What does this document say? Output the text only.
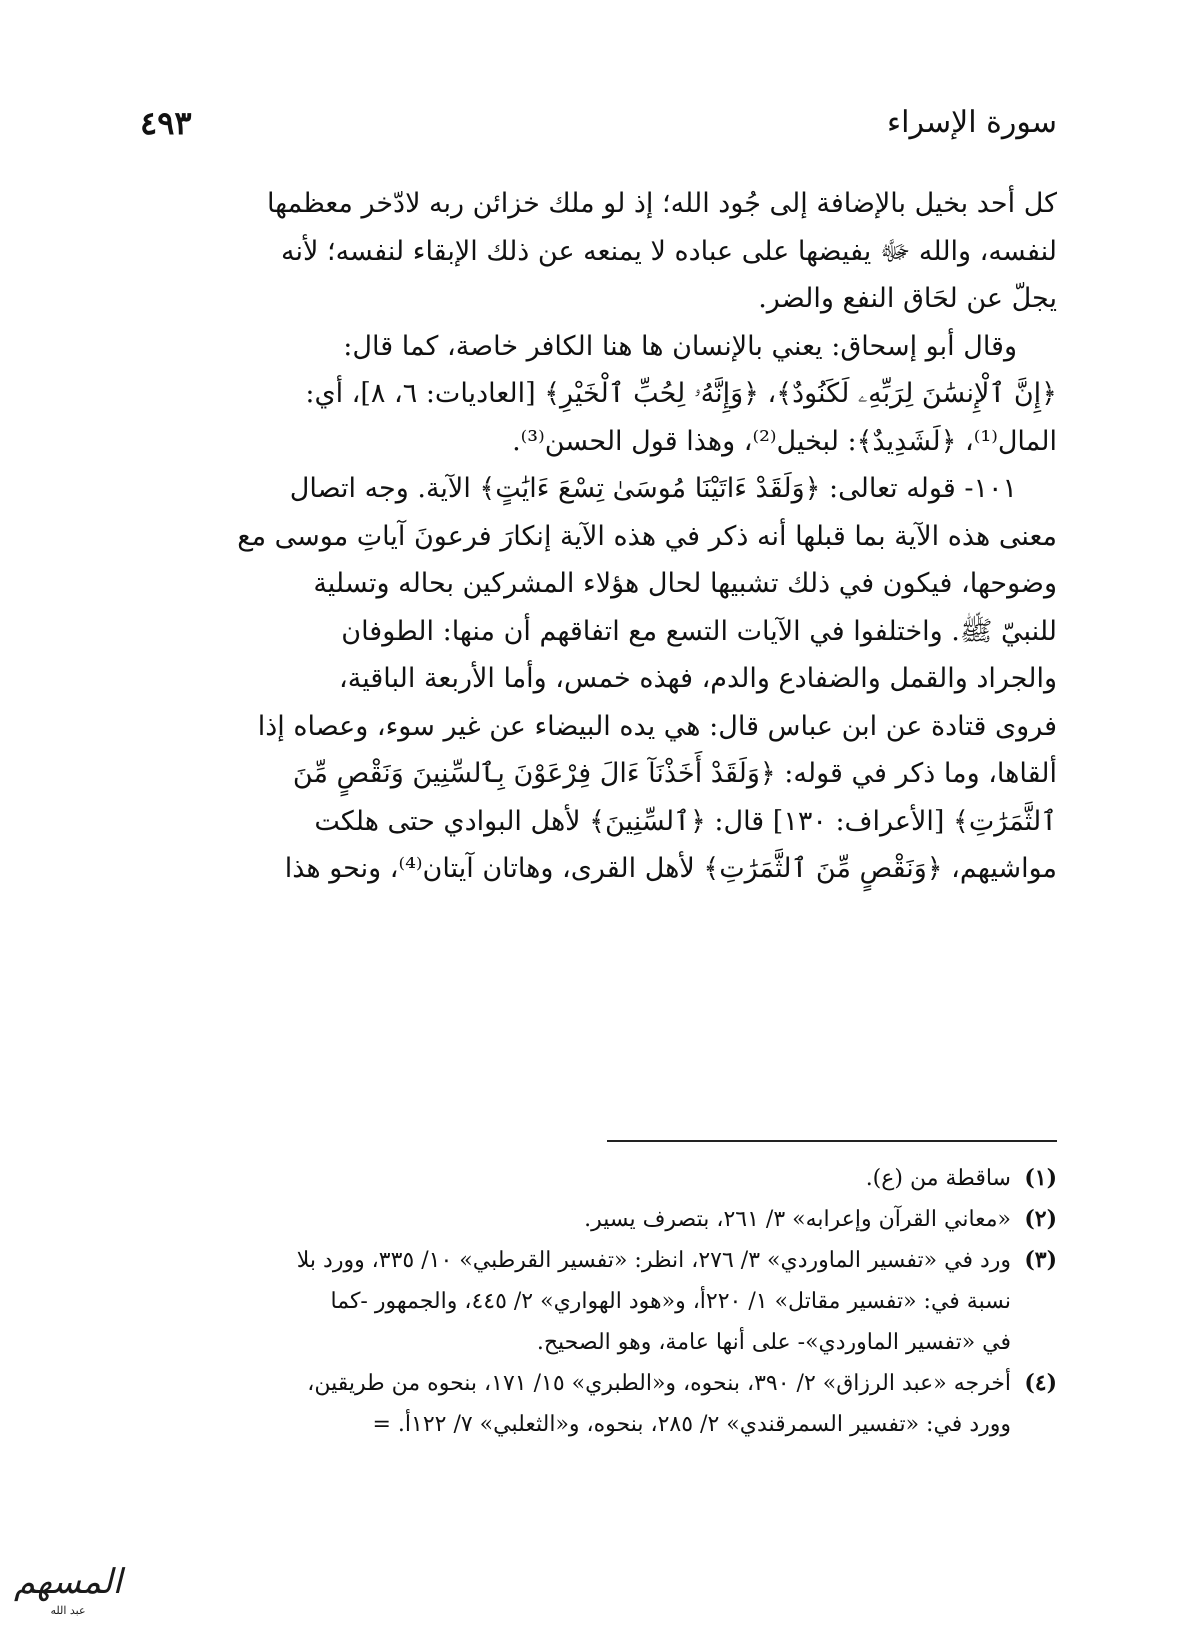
سورة الإسراء
٤٩٣

كل أحد بخيل بالإضافة إلى جُود الله؛ إذ لو ملك خزائن ربه لادّخر معظمها
لنفسه، والله ﷻ يفيضها على عباده لا يمنعه عن ذلك الإبقاء لنفسه؛ لأنه
يجلّ عن لحَاق النفع والضر.

وقال أبو إسحاق: يعني بالإنسان ها هنا الكافر خاصة، كما قال:
﴿إِنَّ ٱلْإِنسَٰنَ لِرَبِّهِۦ لَكَنُودٌ﴾، ﴿وَإِنَّهُۥ لِحُبِّ ٱلْخَيْرِ﴾ [العاديات: ٦، ٨]، أي:
المال⁽¹⁾، ﴿لَشَدِيدٌ﴾: لبخيل⁽²⁾، وهذا قول الحسن⁽³⁾.

١٠١- قوله تعالى: ﴿وَلَقَدْ ءَاتَيْنَا مُوسَىٰ تِسْعَ ءَايَٰتٍ﴾ الآية. وجه اتصال
معنى هذه الآية بما قبلها أنه ذكر في هذه الآية إنكارَ فرعونَ آياتِ موسى مع
وضوحها، فيكون في ذلك تشبيها لحال هؤلاء المشركين بحاله وتسلية
للنبيّ ﷺ. واختلفوا في الآيات التسع مع اتفاقهم أن منها: الطوفان
والجراد والقمل والضفادع والدم، فهذه خمس، وأما الأربعة الباقية،
فروى قتادة عن ابن عباس قال: هي يده البيضاء عن غير سوء، وعصاه إذا
ألقاها، وما ذكر في قوله: ﴿وَلَقَدْ أَخَذْنَآ ءَالَ فِرْعَوْنَ بِٱلسِّنِينَ وَنَقْصٍ مِّنَ
ٱلثَّمَرَٰتِ﴾ [الأعراف: ١٣٠] قال: ﴿ٱلسِّنِينَ﴾ لأهل البوادي حتى هلكت
مواشيهم، ﴿وَنَقْصٍ مِّنَ ٱلثَّمَرَٰتِ﴾ لأهل القرى، وهاتان آيتان⁽⁴⁾، ونحو هذا

(١)
ساقطة من (ع).
(٢)
«معاني القرآن وإعرابه» ٣/ ٢٦١، بتصرف يسير.
(٣)
ورد في «تفسير الماوردي» ٣/ ٢٧٦، انظر: «تفسير القرطبي» ١٠/ ٣٣٥، وورد بلا
نسبة في: «تفسير مقاتل» ١/ ٢٢٠أ، و«هود الهواري» ٢/ ٤٤٥، والجمهور -كما
في «تفسير الماوردي»- على أنها عامة، وهو الصحيح.
(٤)
أخرجه «عبد الرزاق» ٢/ ٣٩٠، بنحوه، و«الطبري» ١٥/ ١٧١، بنحوه من طريقين،
وورد في: «تفسير السمرقندي» ٢/ ٢٨٥، بنحوه، و«الثعلبي» ٧/ ١٢٢أ. =
المسهم
عبد الله
